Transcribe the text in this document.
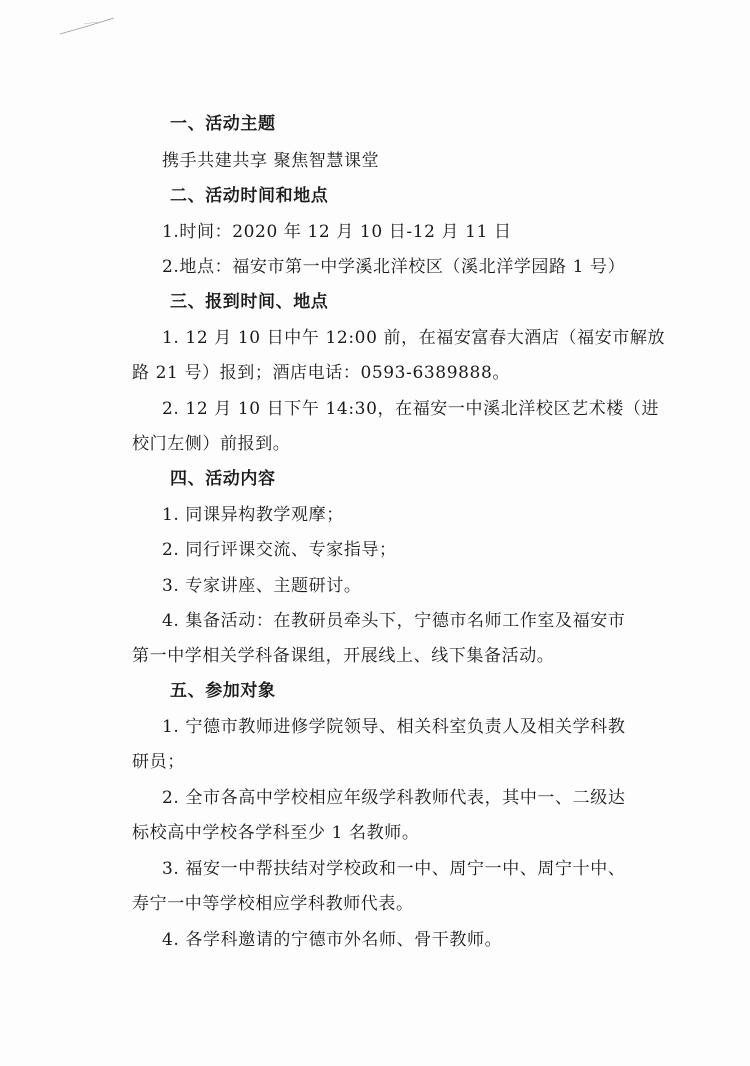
一、活动主题
携手共建共享 聚焦智慧课堂
二、活动时间和地点
1.时间：2020 年 12 月 10 日-12 月 11 日
2.地点：福安市第一中学溪北洋校区（溪北洋学园路 1 号）
三、报到时间、地点
1. 12 月 10 日中午 12:00 前，在福安富春大酒店（福安市解放
路 21 号）报到；酒店电话：0593-6389888。
2. 12 月 10 日下午 14:30，在福安一中溪北洋校区艺术楼（进
校门左侧）前报到。
四、活动内容
1. 同课异构教学观摩；
2. 同行评课交流、专家指导；
3. 专家讲座、主题研讨。
4. 集备活动：在教研员牵头下，宁德市名师工作室及福安市
第一中学相关学科备课组，开展线上、线下集备活动。
五、参加对象
1. 宁德市教师进修学院领导、相关科室负责人及相关学科教
研员；
2. 全市各高中学校相应年级学科教师代表，其中一、二级达
标校高中学校各学科至少 1 名教师。
3. 福安一中帮扶结对学校政和一中、周宁一中、周宁十中、
寿宁一中等学校相应学科教师代表。
4. 各学科邀请的宁德市外名师、骨干教师。
